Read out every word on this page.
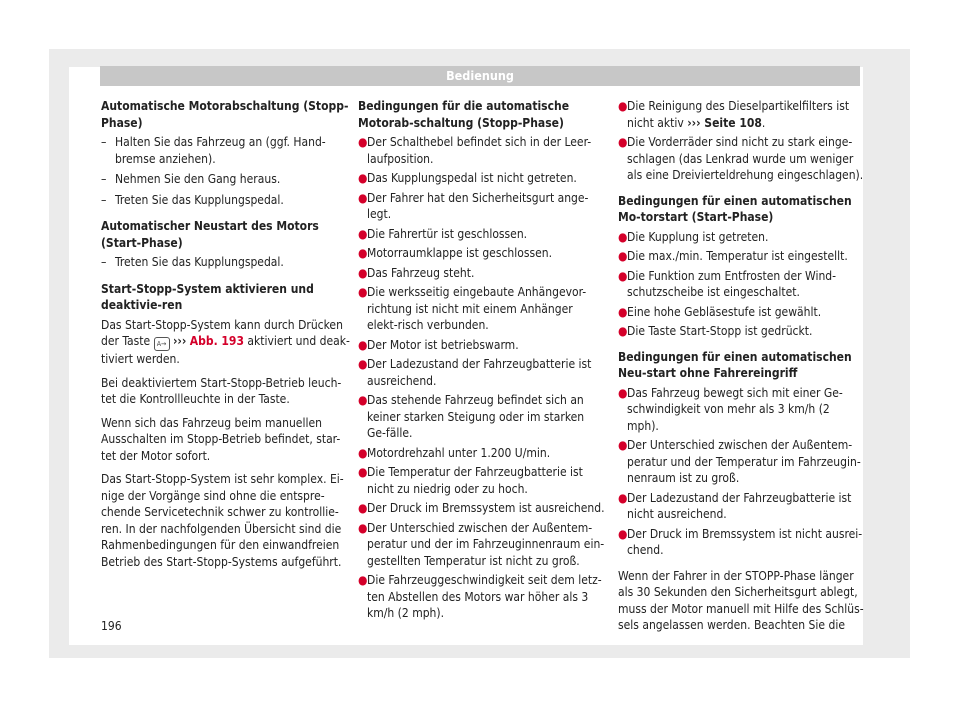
Bedienung
Automatische Motorabschaltung (Stopp-Phase)
– Halten Sie das Fahrzeug an (ggf. Hand-bremse anziehen).
– Nehmen Sie den Gang heraus.
– Treten Sie das Kupplungspedal.
Automatischer Neustart des Motors (Start-Phase)
– Treten Sie das Kupplungspedal.
Start-Stopp-System aktivieren und deaktivie-ren
Das Start-Stopp-System kann durch Drücken der Taste A→ ››› Abb. 193 aktiviert und deak-tiviert werden.
Bei deaktiviertem Start-Stopp-Betrieb leuch-tet die Kontrollleuchte in der Taste.
Wenn sich das Fahrzeug beim manuellen Ausschalten im Stopp-Betrieb befindet, star-tet der Motor sofort.
Das Start-Stopp-System ist sehr komplex. Ei-nige der Vorgänge sind ohne die entspre-chende Servicetechnik schwer zu kontrollie-ren. In der nachfolgenden Übersicht sind die Rahmenbedingungen für den einwandfreien Betrieb des Start-Stopp-Systems aufgeführt.
Bedingungen für die automatische Motorab-schaltung (Stopp-Phase)
● Der Schalthebel befindet sich in der Leer-laufposition.
● Das Kupplungspedal ist nicht getreten.
● Der Fahrer hat den Sicherheitsgurt ange-legt.
● Die Fahrertür ist geschlossen.
● Motorraumklappe ist geschlossen.
● Das Fahrzeug steht.
● Die werksseitig eingebaute Anhängevor-richtung ist nicht mit einem Anhänger elekt-risch verbunden.
● Der Motor ist betriebswarm.
● Der Ladezustand der Fahrzeugbatterie ist ausreichend.
● Das stehende Fahrzeug befindet sich an keiner starken Steigung oder im starken Ge-fälle.
● Motordrehzahl unter 1.200 U/min.
● Die Temperatur der Fahrzeugbatterie ist nicht zu niedrig oder zu hoch.
● Der Druck im Bremssystem ist ausreichend.
● Der Unterschied zwischen der Außentem-peratur und der im Fahrzeuginnenraum ein-gestellten Temperatur ist nicht zu groß.
● Die Fahrzeuggeschwindigkeit seit dem letz-ten Abstellen des Motors war höher als 3 km/h (2 mph).
● Die Reinigung des Dieselpartikelfilters ist nicht aktiv ››› Seite 108.
● Die Vorderräder sind nicht zu stark einge-schlagen (das Lenkrad wurde um weniger als eine Dreivierteldrehung eingeschlagen).
Bedingungen für einen automatischen Mo-torstart (Start-Phase)
● Die Kupplung ist getreten.
● Die max./min. Temperatur ist eingestellt.
● Die Funktion zum Entfrosten der Wind-schutzscheibe ist eingeschaltet.
● Eine hohe Gebläsestufe ist gewählt.
● Die Taste Start-Stopp ist gedrückt.
Bedingungen für einen automatischen Neu-start ohne Fahrereingriff
● Das Fahrzeug bewegt sich mit einer Ge-schwindigkeit von mehr als 3 km/h (2 mph).
● Der Unterschied zwischen der Außentem-peratur und der Temperatur im Fahrzeugin-nenraum ist zu groß.
● Der Ladezustand der Fahrzeugbatterie ist nicht ausreichend.
● Der Druck im Bremssystem ist nicht ausrei-chend.
Wenn der Fahrer in der STOPP-Phase länger als 30 Sekunden den Sicherheitsgurt ablegt, muss der Motor manuell mit Hilfe des Schlüs-sels angelassen werden. Beachten Sie die
196
